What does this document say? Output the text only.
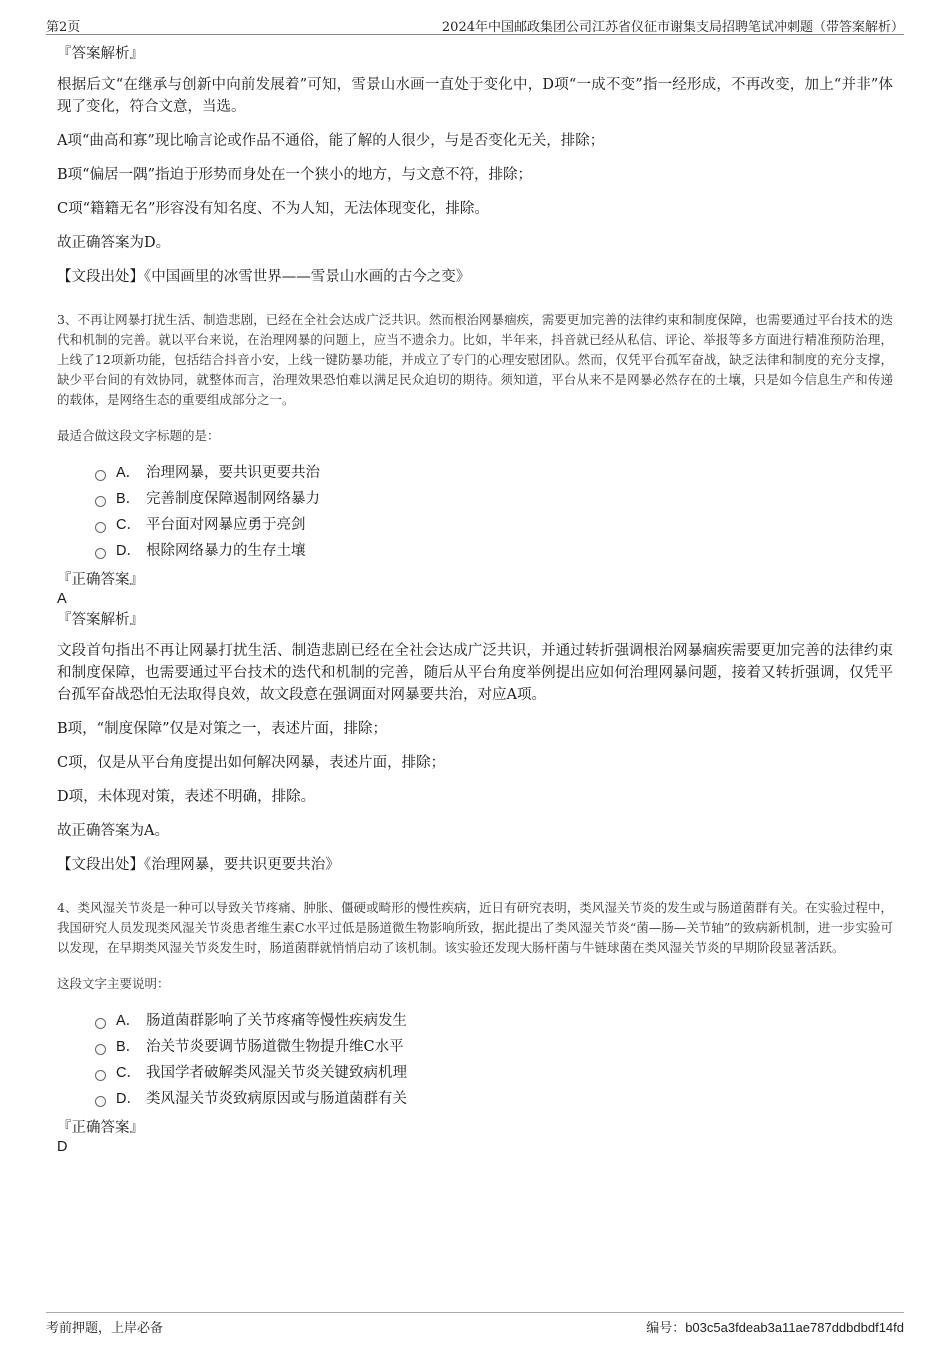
第2页	2024年中国邮政集团公司江苏省仪征市谢集支局招聘笔试冲刺题（带答案解析）
『答案解析』
根据后文“在继承与创新中向前发展着”可知，雪景山水画一直处于变化中，D项“一成不变”指一经形成，不再改变，加上“并非”体现了变化，符合文意，当选。
A项“曲高和寡”现比喻言论或作品不通俗，能了解的人很少，与是否变化无关，排除；
B项“偏居一隅”指迫于形势而身处在一个狭小的地方，与文意不符，排除；
C项“籍籍无名”形容没有知名度、不为人知，无法体现变化，排除。
故正确答案为D。
【文段出处】《中国画里的冰雪世界——雪景山水画的古今之变》
3、不再让网暴打扰生活、制造悲剧，已经在全社会达成广泛共识。然而根治网暴痼疾，需要更加完善的法律约束和制度保障，也需要通过平台技术的迭代和机制的完善。就以平台来说，在治理网暴的问题上，应当不遗余力。比如，半年来，抖音就已经从私信、评论、举报等多方面进行精准预防治理，上线了12项新功能，包括结合抖音小安，上线一键防暴功能，并成立了专门的心理安慰团队。然而，仅凭平台孤军奋战，缺乏法律和制度的充分支撑，缺少平台间的有效协同，就整体而言，治理效果恐怕难以满足民众迫切的期待。须知道，平台从来不是网暴必然存在的土壤，只是如今信息生产和传递的载体，是网络生态的重要组成部分之一。
最适合做这段文字标题的是：
A． 治理网暴，要共识更要共治
B． 完善制度保障遏制网络暴力
C． 平台面对网暴应勇于亮剑
D． 根除网络暴力的生存土壤
『正确答案』
A
『答案解析』
文段首句指出不再让网暴打扰生活、制造悲剧已经在全社会达成广泛共识，并通过转折强调根治网暴痼疾需要更加完善的法律约束和制度保障，也需要通过平台技术的迭代和机制的完善，随后从平台角度举例提出应如何治理网暴问题，接着又转折强调，仅凭平台孤军奋战恐怕无法取得良效，故文段意在强调面对网暴要共治，对应A项。
B项，“制度保障”仅是对策之一，表述片面，排除；
C项，仅是从平台角度提出如何解决网暴，表述片面，排除；
D项，未体现对策，表述不明确，排除。
故正确答案为A。
【文段出处】《治理网暴，要共识更要共治》
4、类风湿关节炎是一种可以导致关节疼痛、肿胀、僵硬或畸形的慢性疾病，近日有研究表明，类风湿关节炎的发生或与肠道菌群有关。在实验过程中，我国研究人员发现类风湿关节炎患者维生素C水平过低是肠道微生物影响所致，据此提出了类风湿关节炎“菌—肠—关节轴”的致病新机制，进一步实验可以发现，在早期类风湿关节炎发生时，肠道菌群就悄悄启动了该机制。该实验还发现大肠杆菌与牛链球菌在类风湿关节炎的早期阶段显著活跃。
这段文字主要说明：
A． 肠道菌群影响了关节疼痛等慢性疾病发生
B． 治关节炎要调节肠道微生物提升维C水平
C． 我国学者破解类风湿关节炎关键致病机理
D． 类风湿关节炎致病原因或与肠道菌群有关
『正确答案』
D
考前押题，上岸必备	编号：b03c5a3fdeab3a11ae787ddbdbdf14fd
